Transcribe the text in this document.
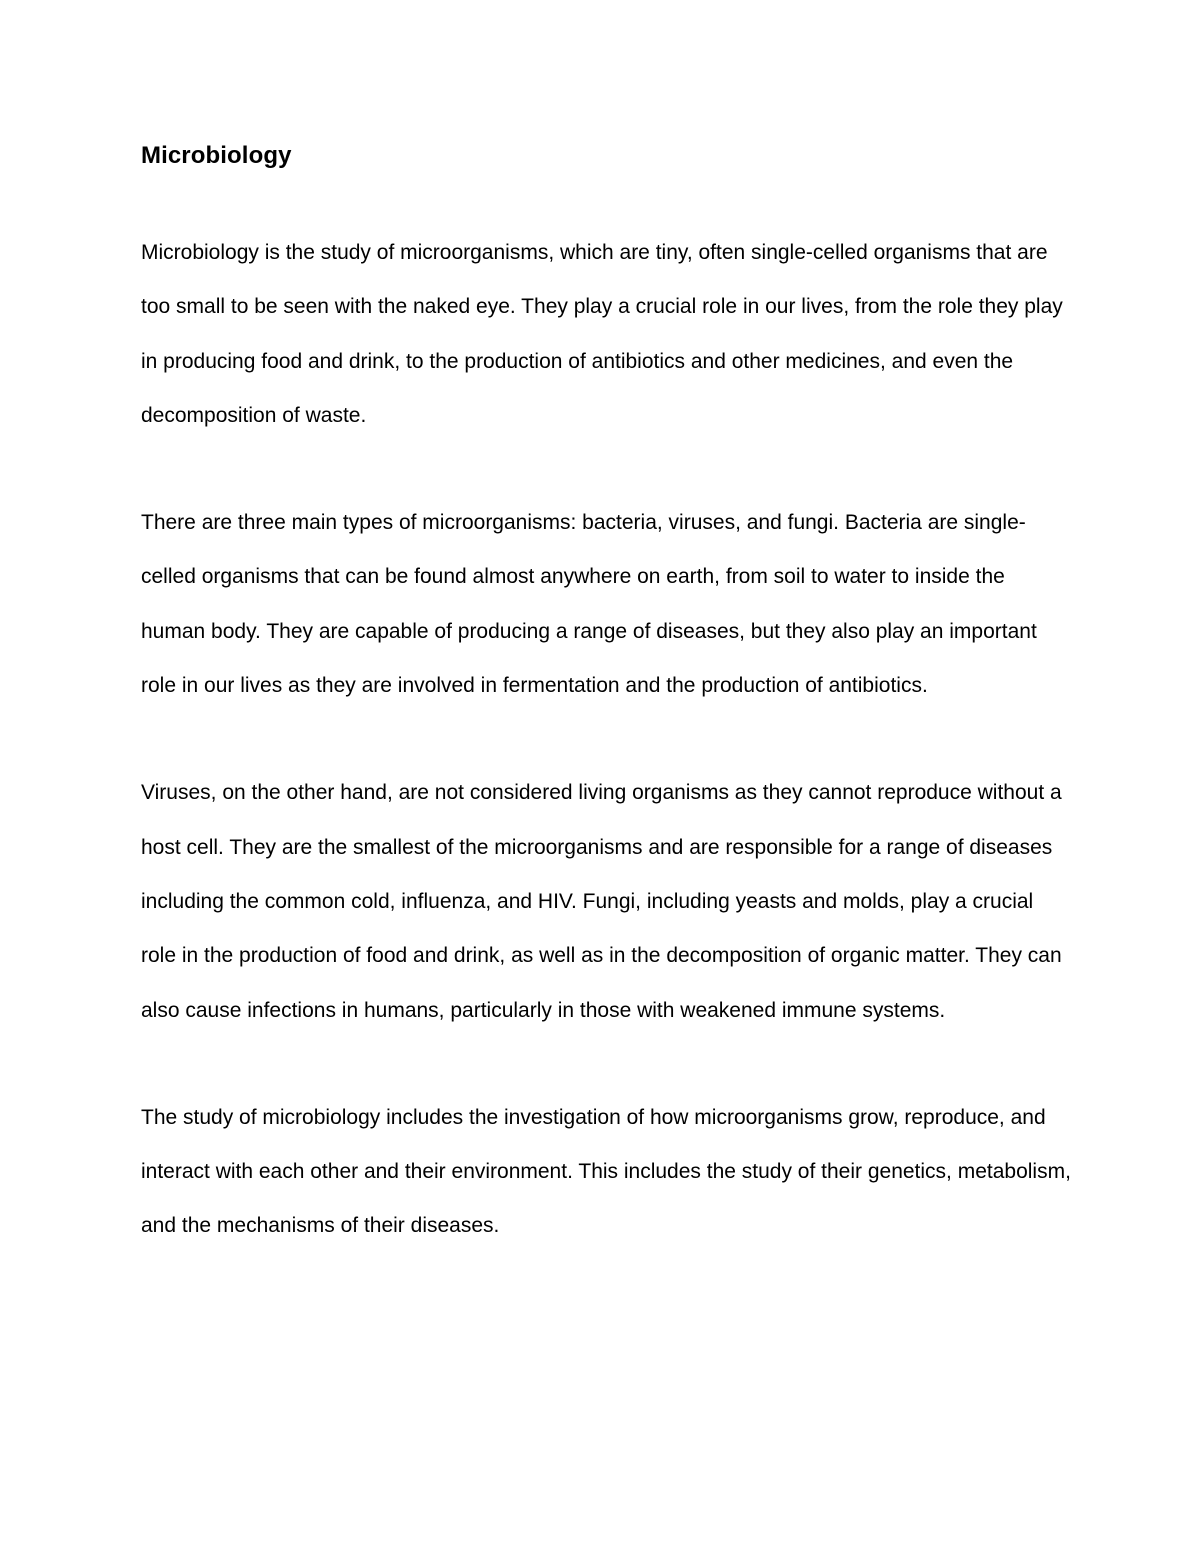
Microbiology

Microbiology is the study of microorganisms, which are tiny, often single-celled organisms that are too small to be seen with the naked eye. They play a crucial role in our lives, from the role they play in producing food and drink, to the production of antibiotics and other medicines, and even the decomposition of waste.

There are three main types of microorganisms: bacteria, viruses, and fungi. Bacteria are single-celled organisms that can be found almost anywhere on earth, from soil to water to inside the human body. They are capable of producing a range of diseases, but they also play an important role in our lives as they are involved in fermentation and the production of antibiotics.

Viruses, on the other hand, are not considered living organisms as they cannot reproduce without a host cell. They are the smallest of the microorganisms and are responsible for a range of diseases including the common cold, influenza, and HIV. Fungi, including yeasts and molds, play a crucial role in the production of food and drink, as well as in the decomposition of organic matter. They can also cause infections in humans, particularly in those with weakened immune systems.

The study of microbiology includes the investigation of how microorganisms grow, reproduce, and interact with each other and their environment. This includes the study of their genetics, metabolism, and the mechanisms of their diseases.
